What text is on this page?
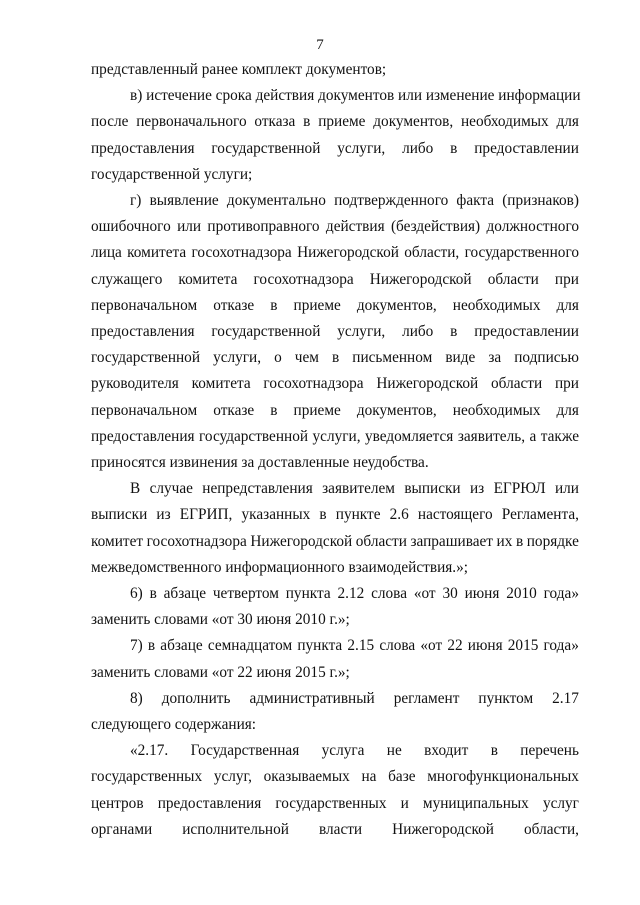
7
представленный ранее комплект документов;
в) истечение срока действия документов или изменение информации
после первоначального отказа в приеме документов, необходимых для
предоставления государственной услуги, либо в предоставлении
государственной услуги;
г) выявление документально подтвержденного факта (признаков)
ошибочного или противоправного действия (бездействия) должностного
лица комитета госохотнадзора Нижегородской области, государственного
служащего комитета госохотнадзора Нижегородской области при
первоначальном отказе в приеме документов, необходимых для
предоставления государственной услуги, либо в предоставлении
государственной услуги, о чем в письменном виде за подписью
руководителя комитета госохотнадзора Нижегородской области при
первоначальном отказе в приеме документов, необходимых для
предоставления государственной услуги, уведомляется заявитель, а также
приносятся извинения за доставленные неудобства.
В случае непредставления заявителем выписки из ЕГРЮЛ или
выписки из ЕГРИП, указанных в пункте 2.6 настоящего Регламента,
комитет госохотнадзора Нижегородской области запрашивает их в порядке
межведомственного информационного взаимодействия.»;
6) в абзаце четвертом пункта 2.12 слова «от 30 июня 2010 года»
заменить словами «от 30 июня 2010 г.»;
7) в абзаце семнадцатом пункта 2.15 слова «от 22 июня 2015 года»
заменить словами «от 22 июня 2015 г.»;
8) дополнить административный регламент пунктом 2.17
следующего содержания:
«2.17. Государственная услуга не входит в перечень
государственных услуг, оказываемых на базе многофункциональных
центров предоставления государственных и муниципальных услуг
органами исполнительной власти Нижегородской области,
